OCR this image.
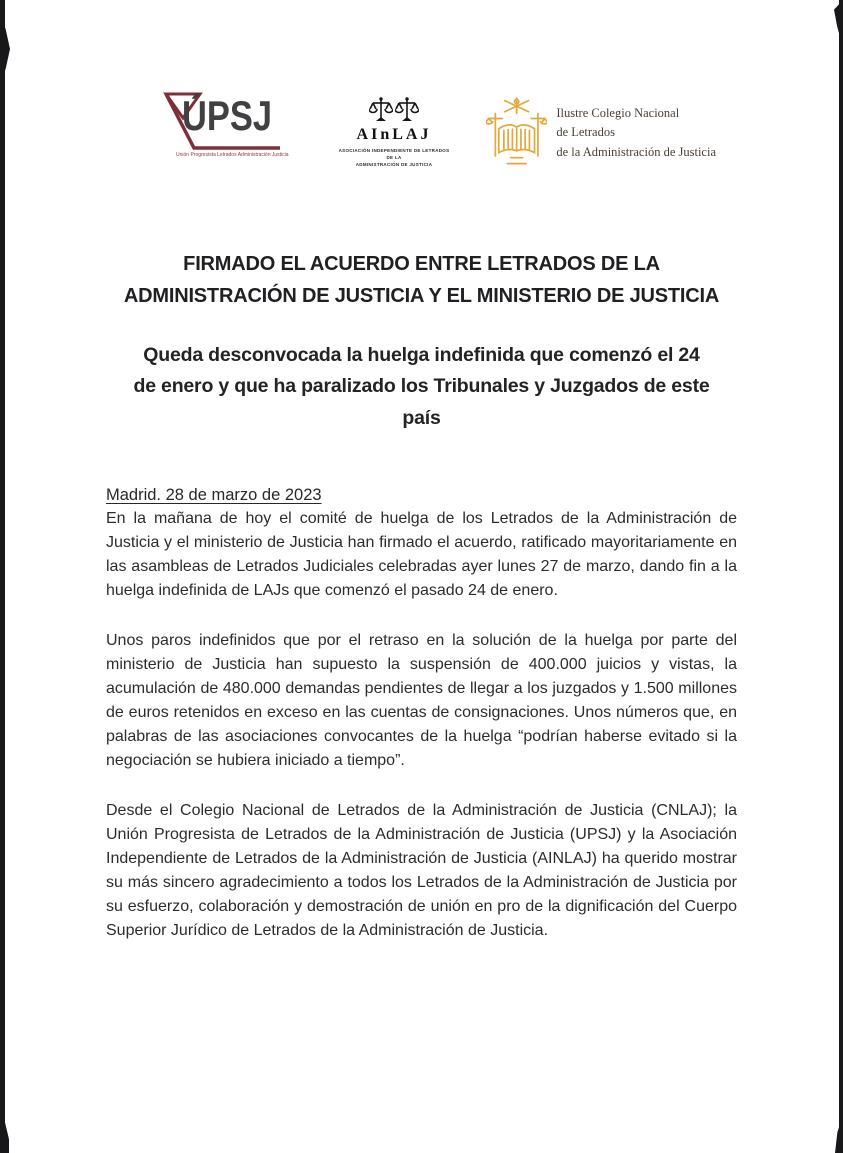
ÚPSJ
Unión Progresista Letrados Administración Justicia
AInLAJ
ASOCIACIÓN INDEPENDIENTE DE LETRADOS DE LA
ADMINISTRACIÓN DE JUSTICIA
Ilustre Colegio Nacional
de Letrados
de la Administración de Justicia
FIRMADO EL ACUERDO ENTRE LETRADOS DE LA
ADMINISTRACIÓN DE JUSTICIA Y EL MINISTERIO DE JUSTICIA
Queda desconvocada la huelga indefinida que comenzó el 24
de enero y que ha paralizado los Tribunales y Juzgados de este
país
Madrid. 28 de marzo de 2023

En la mañana de hoy el comité de huelga de los Letrados de la Administración de Justicia y el ministerio de Justicia han firmado el acuerdo, ratificado mayoritariamente en las asambleas de Letrados Judiciales celebradas ayer lunes 27 de marzo, dando fin a la huelga indefinida de LAJs que comenzó el pasado 24 de enero.

Unos paros indefinidos que por el retraso en la solución de la huelga por parte del ministerio de Justicia han supuesto la suspensión de 400.000 juicios y vistas, la acumulación de 480.000 demandas pendientes de llegar a los juzgados y 1.500 millones de euros retenidos en exceso en las cuentas de consignaciones. Unos números que, en palabras de las asociaciones convocantes de la huelga “podrían haberse evitado si la negociación se hubiera iniciado a tiempo”.

Desde el Colegio Nacional de Letrados de la Administración de Justicia (CNLAJ); la Unión Progresista de Letrados de la Administración de Justicia (UPSJ) y la Asociación Independiente de Letrados de la Administración de Justicia (AINLAJ) ha querido mostrar su más sincero agradecimiento a todos los Letrados de la Administración de Justicia por su esfuerzo, colaboración y demostración de unión en pro de la dignificación del Cuerpo Superior Jurídico de Letrados de la Administración de Justicia.
